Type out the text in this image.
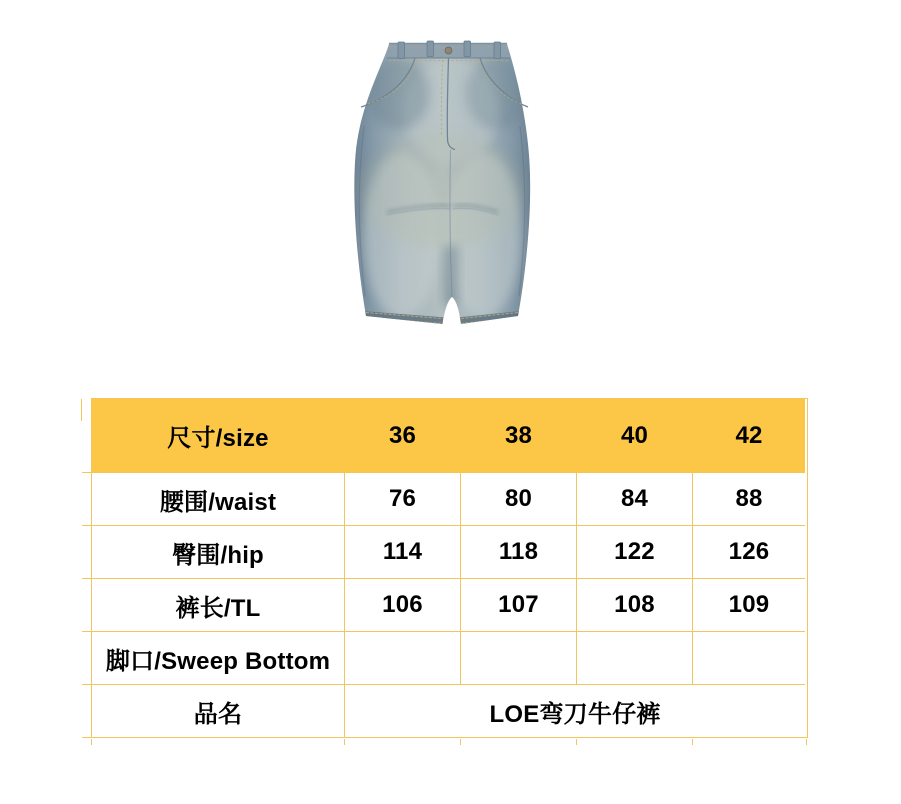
尺寸/size	36	38	40	42
腰围/waist	76	80	84	88
臀围/hip	114	118	122	126
裤长/TL	106	107	108	109
脚口/Sweep Bottom
品名	LOE弯刀牛仔裤
